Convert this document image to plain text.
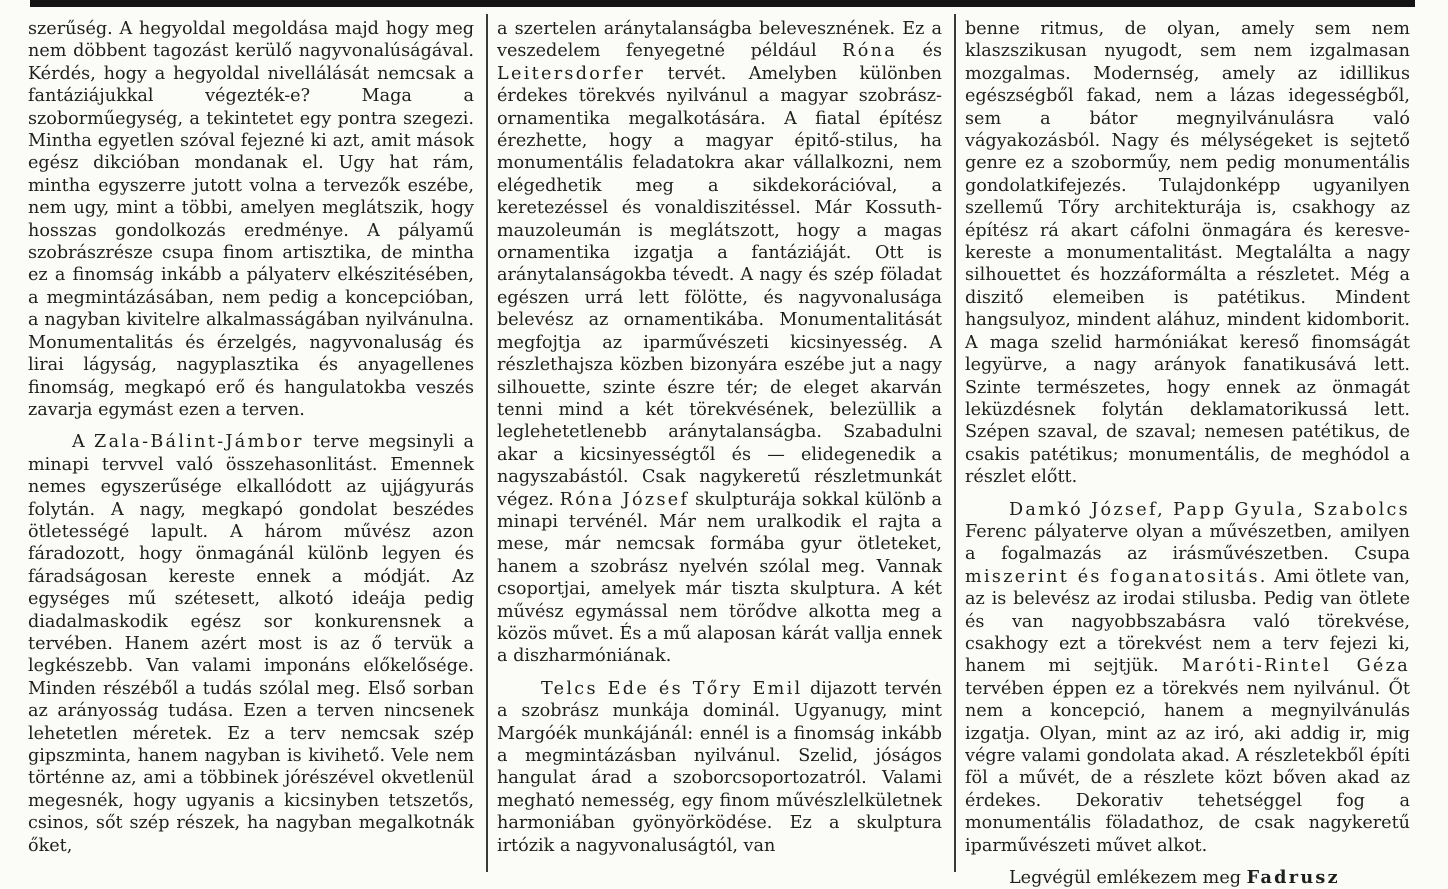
szerűség. A hegyoldal megoldása majd hogy meg nem döbbent tagozást kerülő nagyvonalúságával. Kérdés, hogy a hegyoldal nivellálását nemcsak a fantáziájukkal végezték-e? Maga a szoborműegység, a tekintetet egy pontra szegezi. Mintha egyetlen szóval fejezné ki azt, amit mások egész dikcióban mondanak el. Ugy hat rám, mintha egyszerre jutott volna a tervezők eszébe, nem ugy, mint a többi, amelyen meglátszik, hogy hosszas gondolkozás eredménye. A pályamű szobrászrésze csupa finom artisztika, de mintha ez a finomság inkább a pályaterv elkészitésében, a megmintázásában, nem pedig a koncepcióban, a nagyban kivitelre alkalmasságában nyilvánulna. Monumentalitás és érzelgés, nagyvonaluság és lirai lágyság, nagyplasztika és anyagellenes finomság, megkapó erő és hangulatokba veszés zavarja egymást ezen a terven.

A Zala-Bálint-Jámbor terve megsinyli a minapi tervvel való összehasonlitást. Emennek nemes egyszerűsége elkallódott az ujjágyurás folytán. A nagy, megkapó gondolat beszédes ötletességé lapult. A három művész azon fáradozott, hogy önmagánál különb legyen és fáradságosan kereste ennek a módját. Az egységes mű szétesett, alkotó ideája pedig diadalmaskodik egész sor konkurensnek a tervében. Hanem azért most is az ő tervük a legkészebb. Van valami imponáns előkelősége. Minden részéből a tudás szólal meg. Első sorban az arányosság tudása. Ezen a terven nincsenek lehetetlen méretek. Ez a terv nemcsak szép gipszminta, hanem nagyban is kivihető. Vele nem történne az, ami a többinek jórészével okvetlenül megesnék, hogy ugyanis a kicsinyben tetszetős, csinos, sőt szép részek, ha nagyban megalkotnák őket,

a szertelen aránytalanságba belevesznének. Ez a veszedelem fenyegetné például Róna és Leitersdorfer tervét. Amelyben különben érdekes törekvés nyilvánul a magyar szobrász-ornamentika megalkotására. A fiatal építész érezhette, hogy a magyar épitő-stilus, ha monumentális feladatokra akar vállalkozni, nem elégedhetik meg a sikdekorációval, a keretezéssel és vonaldiszitéssel. Már Kossuth-mauzoleumán is meglátszott, hogy a magas ornamentika izgatja a fantáziáját. Ott is aránytalanságokba tévedt. A nagy és szép föladat egészen urrá lett fölötte, és nagyvonalusága belevész az ornamentikába. Monumentalitását megfojtja az iparművészeti kicsinyesség. A részlethajsza közben bizonyára eszébe jut a nagy silhouette, szinte észre tér; de eleget akarván tenni mind a két törekvésének, belezüllik a leglehetetlenebb aránytalanságba. Szabadulni akar a kicsinyességtől és — elidegenedik a nagyszabástól. Csak nagykeretű részletmunkát végez. Róna József skulpturája sokkal különb a minapi tervénél. Már nem uralkodik el rajta a mese, már nemcsak formába gyur ötleteket, hanem a szobrász nyelvén szólal meg. Vannak csoportjai, amelyek már tiszta skulptura. A két művész egymással nem törődve alkotta meg a közös művet. És a mű alaposan kárát vallja ennek a diszharmóniának.

Telcs Ede és Tőry Emil dijazott tervén a szobrász munkája dominál. Ugyanugy, mint Margóék munkájánál: ennél is a finomság inkább a megmintázásban nyilvánul. Szelid, jóságos hangulat árad a szoborcsoportozatról. Valami megható nemesség, egy finom művészlelkületnek harmoniában gyönyörködése. Ez a skulptura irtózik a nagyvonaluságtól, van

benne ritmus, de olyan, amely sem nem klaszszikusan nyugodt, sem nem izgalmasan mozgalmas. Modernség, amely az idillikus egészségből fakad, nem a lázas idegességből, sem a bátor megnyilvánulásra való vágyakozásból. Nagy és mélységeket is sejtető genre ez a szoborműy, nem pedig monumentális gondolatkifejezés. Tulajdonképp ugyanilyen szellemű Tőry architekturája is, csakhogy az építész rá akart cáfolni önmagára és keresve-kereste a monumentalitást. Megtalálta a nagy silhouettet és hozzáformálta a részletet. Még a diszitő elemeiben is patétikus. Mindent hangsulyoz, mindent aláhuz, mindent kidomborit. A maga szelid harmóniákat kereső finomságát legyürve, a nagy arányok fanatikusává lett. Szinte természetes, hogy ennek az önmagát leküzdésnek folytán deklamatorikussá lett. Szépen szaval, de szaval; nemesen patétikus, de csakis patétikus; monumentális, de meghódol a részlet előtt.

Damkó József, Papp Gyula, Szabolcs Ferenc pályaterve olyan a művészetben, amilyen a fogalmazás az irásművészetben. Csupa miszerint és foganatositás. Ami ötlete van, az is belevész az irodai stilusba. Pedig van ötlete és van nagyobbszabásra való törekvése, csakhogy ezt a törekvést nem a terv fejezi ki, hanem mi sejtjük. Maróti-Rintel Géza tervében éppen ez a törekvés nem nyilvánul. Őt nem a koncepció, hanem a megnyilvánulás izgatja. Olyan, mint az az iró, aki addig ir, mig végre valami gondolata akad. A részletekből építi föl a művét, de a részlete közt bőven akad az érdekes. Dekorativ tehetséggel fog a monumentális föladathoz, de csak nagykeretű iparművészeti művet alkot.

Legvégül emlékezem meg Fadrusz
